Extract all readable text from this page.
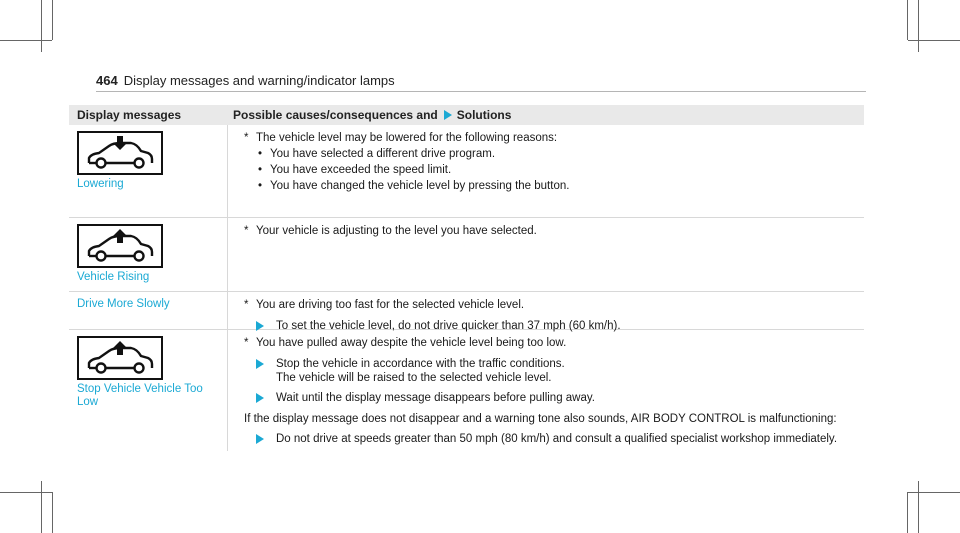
464 Display messages and warning/indicator lamps
Display messages	Possible causes/consequences and Solutions
Lowering
* The vehicle level may be lowered for the following reasons:
• You have selected a different drive program.
• You have exceeded the speed limit.
• You have changed the vehicle level by pressing the button.
Vehicle Rising
* Your vehicle is adjusting to the level you have selected.
Drive More Slowly	* You are driving too fast for the selected vehicle level.
To set the vehicle level, do not drive quicker than 37 mph (60 km/h).
Stop Vehicle Vehicle Too Low
* You have pulled away despite the vehicle level being too low.
Stop the vehicle in accordance with the traffic conditions.
The vehicle will be raised to the selected vehicle level.
Wait until the display message disappears before pulling away.
If the display message does not disappear and a warning tone also sounds, AIR BODY CONTROL is malfunctioning:
Do not drive at speeds greater than 50 mph (80 km/h) and consult a qualified specialist workshop immediately.
